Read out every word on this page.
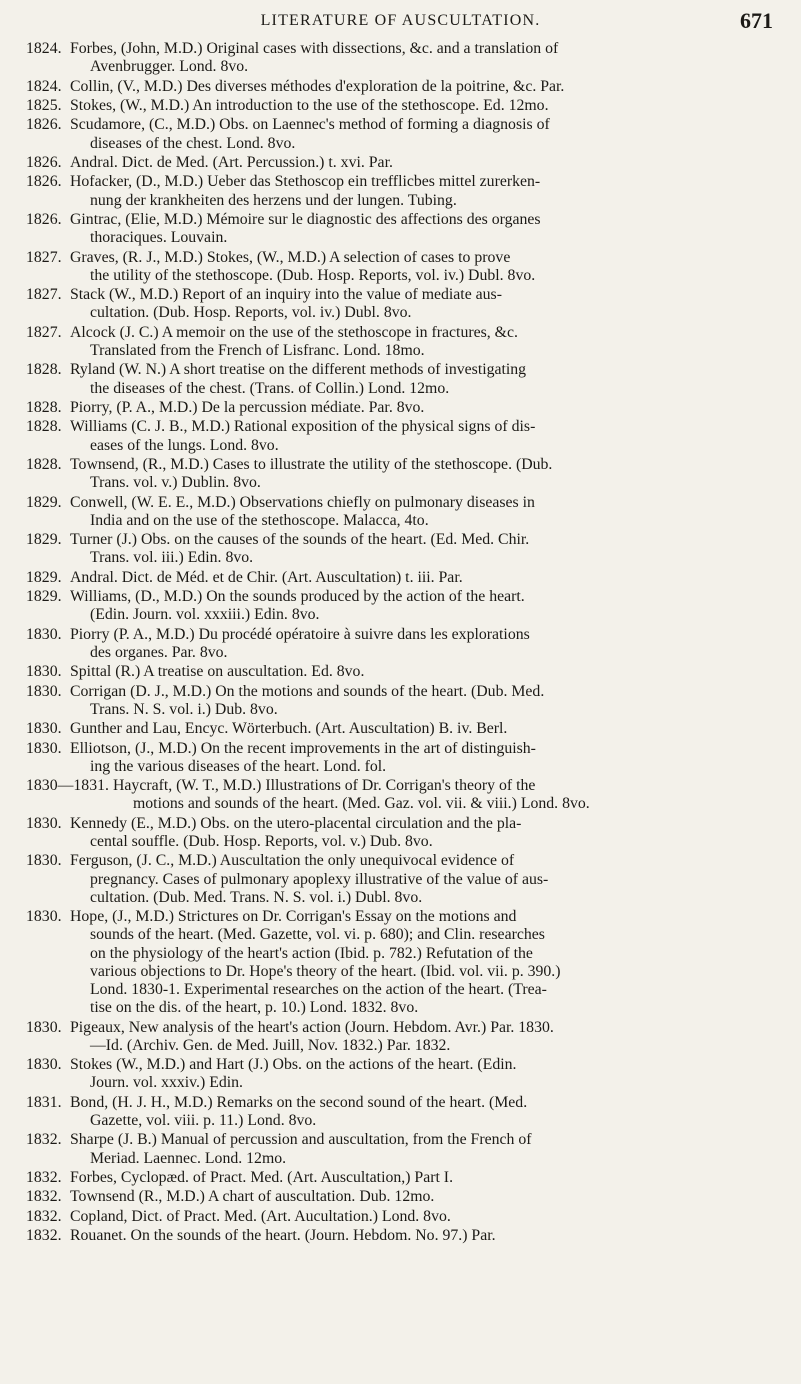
LITERATURE OF AUSCULTATION.	671
1824. Forbes, (John, M.D.) Original cases with dissections, &c. and a translation of
Avenbrugger. Lond. 8vo.
1824. Collin, (V., M.D.) Des diverses méthodes d'exploration de la poitrine, &c. Par.
1825. Stokes, (W., M.D.) An introduction to the use of the stethoscope. Ed. 12mo.
1826. Scudamore, (C., M.D.) Obs. on Laennec's method of forming a diagnosis of
diseases of the chest. Lond. 8vo.
1826. Andral. Dict. de Med. (Art. Percussion.) t. xvi. Par.
1826. Hofacker, (D., M.D.) Ueber das Stethoscop ein trefflicbes mittel zurerken-
nung der krankheiten des herzens und der lungen. Tubing.
1826. Gintrac, (Elie, M.D.) Mémoire sur le diagnostic des affections des organes
thoraciques. Louvain.
1827. Graves, (R. J., M.D.) Stokes, (W., M.D.) A selection of cases to prove
the utility of the stethoscope. (Dub. Hosp. Reports, vol. iv.) Dubl. 8vo.
1827. Stack (W., M.D.) Report of an inquiry into the value of mediate aus-
cultation. (Dub. Hosp. Reports, vol. iv.) Dubl. 8vo.
1827. Alcock (J. C.) A memoir on the use of the stethoscope in fractures, &c.
Translated from the French of Lisfranc. Lond. 18mo.
1828. Ryland (W. N.) A short treatise on the different methods of investigating
the diseases of the chest. (Trans. of Collin.) Lond. 12mo.
1828. Piorry, (P. A., M.D.) De la percussion médiate. Par. 8vo.
1828. Williams (C. J. B., M.D.) Rational exposition of the physical signs of dis-
eases of the lungs. Lond. 8vo.
1828. Townsend, (R., M.D.) Cases to illustrate the utility of the stethoscope. (Dub.
Trans. vol. v.) Dublin. 8vo.
1829. Conwell, (W. E. E., M.D.) Observations chiefly on pulmonary diseases in
India and on the use of the stethoscope. Malacca, 4to.
1829. Turner (J.) Obs. on the causes of the sounds of the heart. (Ed. Med. Chir.
Trans. vol. iii.) Edin. 8vo.
1829. Andral. Dict. de Méd. et de Chir. (Art. Auscultation) t. iii. Par.
1829. Williams, (D., M.D.) On the sounds produced by the action of the heart.
(Edin. Journ. vol. xxxiii.) Edin. 8vo.
1830. Piorry (P. A., M.D.) Du procédé opératoire à suivre dans les explorations
des organes. Par. 8vo.
1830. Spittal (R.) A treatise on auscultation. Ed. 8vo.
1830. Corrigan (D. J., M.D.) On the motions and sounds of the heart. (Dub. Med.
Trans. N. S. vol. i.) Dub. 8vo.
1830. Gunther and Lau, Encyc. Wörterbuch. (Art. Auscultation) B. iv. Berl.
1830. Elliotson, (J., M.D.) On the recent improvements in the art of distinguish-
ing the various diseases of the heart. Lond. fol.
1830—1831. Haycraft, (W. T., M.D.) Illustrations of Dr. Corrigan's theory of the
motions and sounds of the heart. (Med. Gaz. vol. vii. & viii.) Lond. 8vo.
1830. Kennedy (E., M.D.) Obs. on the utero-placental circulation and the pla-
cental souffle. (Dub. Hosp. Reports, vol. v.) Dub. 8vo.
1830. Ferguson, (J. C., M.D.) Auscultation the only unequivocal evidence of
pregnancy. Cases of pulmonary apoplexy illustrative of the value of aus-
cultation. (Dub. Med. Trans. N. S. vol. i.) Dubl. 8vo.
1830. Hope, (J., M.D.) Strictures on Dr. Corrigan's Essay on the motions and
sounds of the heart. (Med. Gazette, vol. vi. p. 680); and Clin. researches
on the physiology of the heart's action (Ibid. p. 782.) Refutation of the
various objections to Dr. Hope's theory of the heart. (Ibid. vol. vii. p. 390.)
Lond. 1830-1. Experimental researches on the action of the heart. (Trea-
tise on the dis. of the heart, p. 10.) Lond. 1832. 8vo.
1830. Pigeaux, New analysis of the heart's action (Journ. Hebdom. Avr.) Par. 1830.
—Id. (Archiv. Gen. de Med. Juill, Nov. 1832.) Par. 1832.
1830. Stokes (W., M.D.) and Hart (J.) Obs. on the actions of the heart. (Edin.
Journ. vol. xxxiv.) Edin.
1831. Bond, (H. J. H., M.D.) Remarks on the second sound of the heart. (Med.
Gazette, vol. viii. p. 11.) Lond. 8vo.
1832. Sharpe (J. B.) Manual of percussion and auscultation, from the French of
Meriad. Laennec. Lond. 12mo.
1832. Forbes, Cyclopæd. of Pract. Med. (Art. Auscultation,) Part I.
1832. Townsend (R., M.D.) A chart of auscultation. Dub. 12mo.
1832. Copland, Dict. of Pract. Med. (Art. Aucultation.) Lond. 8vo.
1832. Rouanet. On the sounds of the heart. (Journ. Hebdom. No. 97.) Par.
